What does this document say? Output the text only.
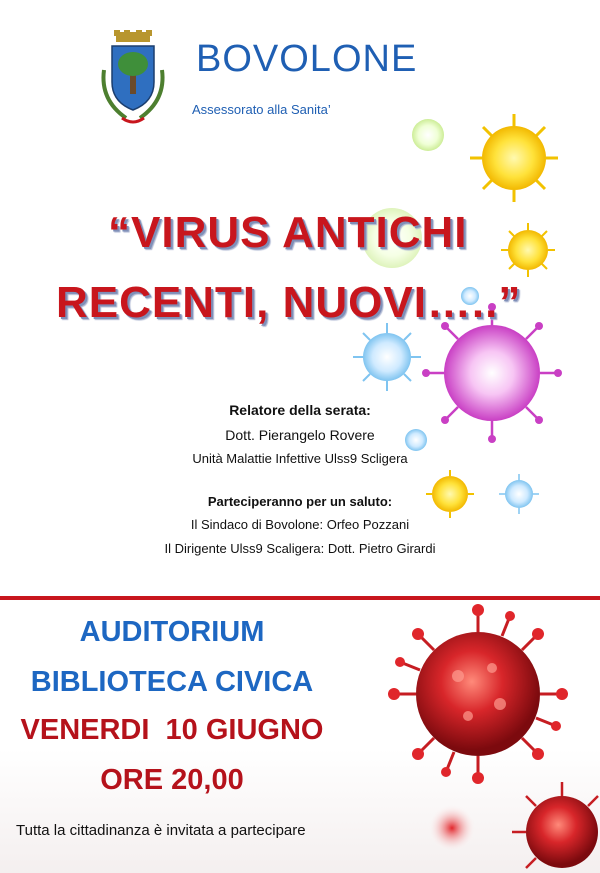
BOVOLONE
Assessorato alla Sanita’
“VIRUS ANTICHI
RECENTI, NUOVI…..”
Relatore della serata:
Dott. Pierangelo Rovere
Unità Malattie Infettive Ulss9 Scligera
Parteciperanno per un saluto:
Il Sindaco di Bovolone: Orfeo Pozzani
Il Dirigente Ulss9 Scaligera: Dott. Pietro Girardi
AUDITORIUM
BIBLIOTECA CIVICA
VENERDI  10 GIUGNO
ORE 20,00
Tutta la cittadinanza è invitata a partecipare
